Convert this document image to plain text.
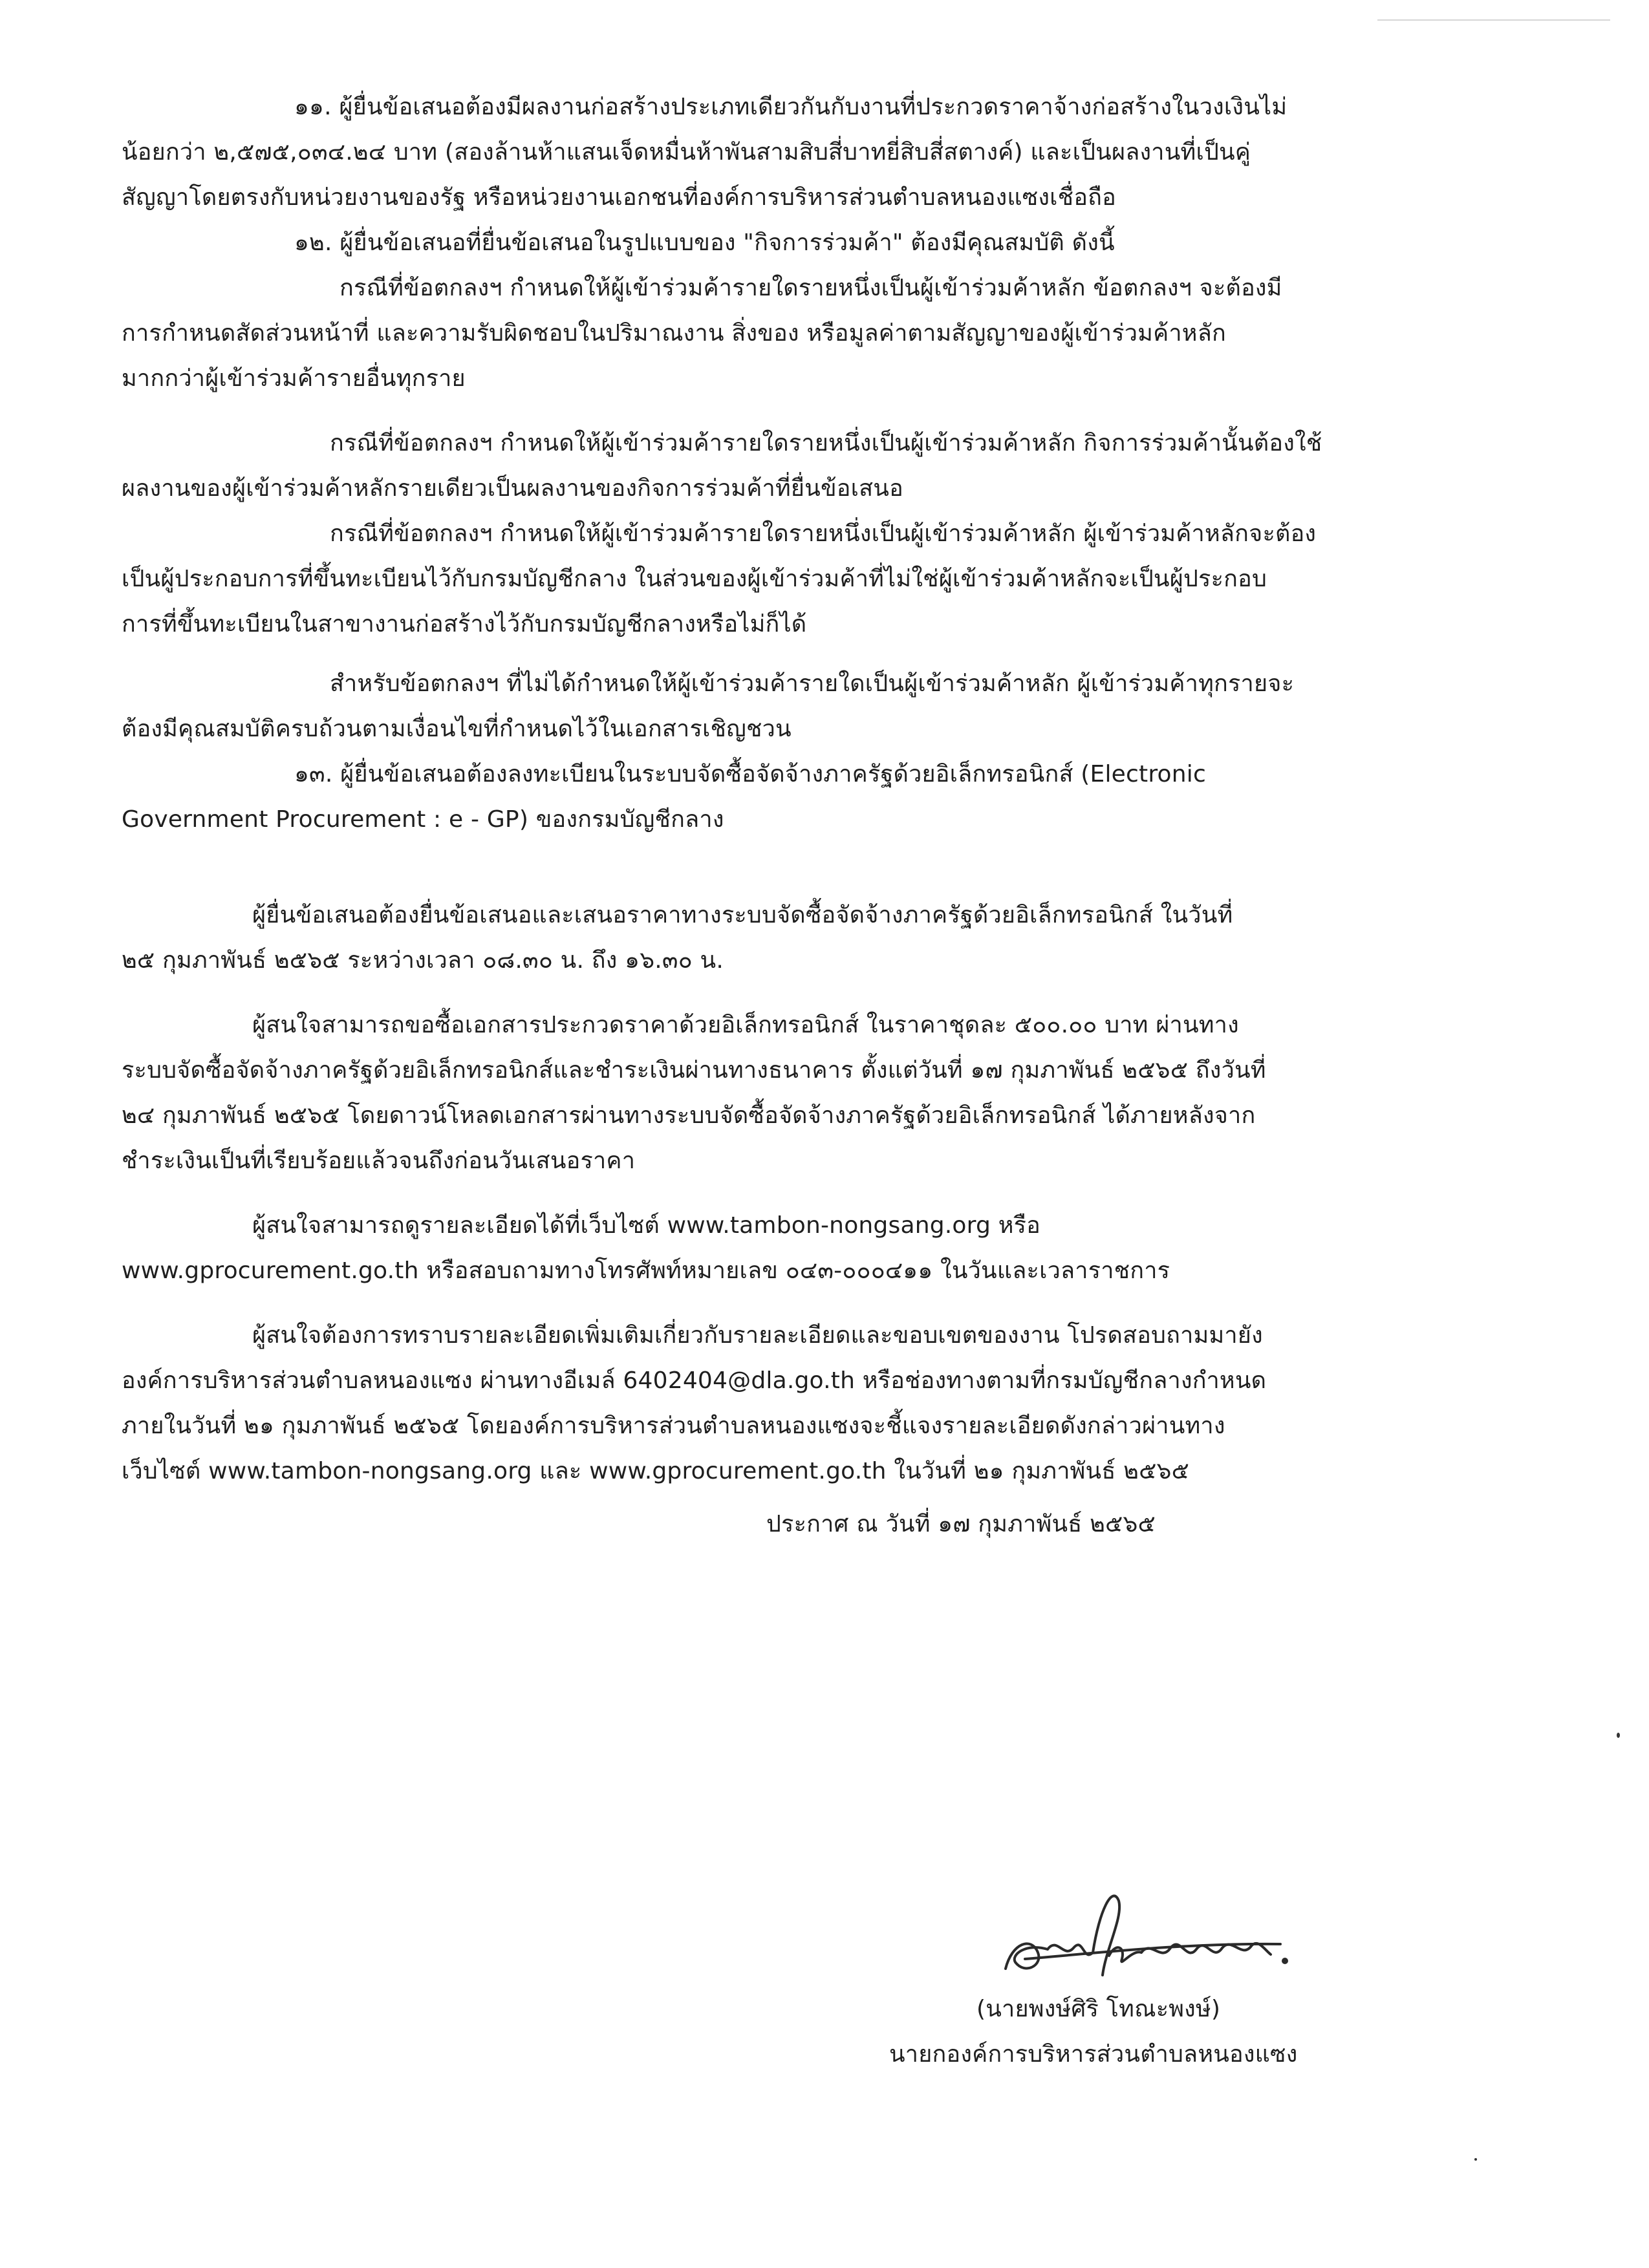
๑๑. ผู้ยื่นข้อเสนอต้องมีผลงานก่อสร้างประเภทเดียวกันกับงานที่ประกวดราคาจ้างก่อสร้างในวงเงินไม่
น้อยกว่า ๒,๕๗๕,๐๓๔.๒๔ บาท (สองล้านห้าแสนเจ็ดหมื่นห้าพันสามสิบสี่บาทยี่สิบสี่สตางค์) และเป็นผลงานที่เป็นคู่
สัญญาโดยตรงกับหน่วยงานของรัฐ หรือหน่วยงานเอกชนที่องค์การบริหารส่วนตำบลหนองแซงเชื่อถือ
๑๒. ผู้ยื่นข้อเสนอที่ยื่นข้อเสนอในรูปแบบของ "กิจการร่วมค้า" ต้องมีคุณสมบัติ ดังนี้
กรณีที่ข้อตกลงฯ กำหนดให้ผู้เข้าร่วมค้ารายใดรายหนึ่งเป็นผู้เข้าร่วมค้าหลัก ข้อตกลงฯ จะต้องมี
การกำหนดสัดส่วนหน้าที่ และความรับผิดชอบในปริมาณงาน สิ่งของ หรือมูลค่าตามสัญญาของผู้เข้าร่วมค้าหลัก
มากกว่าผู้เข้าร่วมค้ารายอื่นทุกราย
กรณีที่ข้อตกลงฯ กำหนดให้ผู้เข้าร่วมค้ารายใดรายหนึ่งเป็นผู้เข้าร่วมค้าหลัก กิจการร่วมค้านั้นต้องใช้
ผลงานของผู้เข้าร่วมค้าหลักรายเดียวเป็นผลงานของกิจการร่วมค้าที่ยื่นข้อเสนอ
กรณีที่ข้อตกลงฯ กำหนดให้ผู้เข้าร่วมค้ารายใดรายหนึ่งเป็นผู้เข้าร่วมค้าหลัก ผู้เข้าร่วมค้าหลักจะต้อง
เป็นผู้ประกอบการที่ขึ้นทะเบียนไว้กับกรมบัญชีกลาง ในส่วนของผู้เข้าร่วมค้าที่ไม่ใช่ผู้เข้าร่วมค้าหลักจะเป็นผู้ประกอบ
การที่ขึ้นทะเบียนในสาขางานก่อสร้างไว้กับกรมบัญชีกลางหรือไม่ก็ได้
สำหรับข้อตกลงฯ ที่ไม่ได้กำหนดให้ผู้เข้าร่วมค้ารายใดเป็นผู้เข้าร่วมค้าหลัก ผู้เข้าร่วมค้าทุกรายจะ
ต้องมีคุณสมบัติครบถ้วนตามเงื่อนไขที่กำหนดไว้ในเอกสารเชิญชวน
๑๓. ผู้ยื่นข้อเสนอต้องลงทะเบียนในระบบจัดซื้อจัดจ้างภาครัฐด้วยอิเล็กทรอนิกส์ (Electronic
Government Procurement : e - GP) ของกรมบัญชีกลาง
ผู้ยื่นข้อเสนอต้องยื่นข้อเสนอและเสนอราคาทางระบบจัดซื้อจัดจ้างภาครัฐด้วยอิเล็กทรอนิกส์ ในวันที่
๒๕ กุมภาพันธ์ ๒๕๖๕ ระหว่างเวลา ๐๘.๓๐ น. ถึง ๑๖.๓๐ น.
ผู้สนใจสามารถขอซื้อเอกสารประกวดราคาด้วยอิเล็กทรอนิกส์ ในราคาชุดละ ๕๐๐.๐๐ บาท ผ่านทาง
ระบบจัดซื้อจัดจ้างภาครัฐด้วยอิเล็กทรอนิกส์และชำระเงินผ่านทางธนาคาร ตั้งแต่วันที่ ๑๗ กุมภาพันธ์ ๒๕๖๕ ถึงวันที่
๒๔ กุมภาพันธ์ ๒๕๖๕ โดยดาวน์โหลดเอกสารผ่านทางระบบจัดซื้อจัดจ้างภาครัฐด้วยอิเล็กทรอนิกส์ ได้ภายหลังจาก
ชำระเงินเป็นที่เรียบร้อยแล้วจนถึงก่อนวันเสนอราคา
ผู้สนใจสามารถดูรายละเอียดได้ที่เว็บไซต์ www.tambon-nongsang.org หรือ
www.gprocurement.go.th หรือสอบถามทางโทรศัพท์หมายเลข ๐๔๓-๐๐๐๔๑๑ ในวันและเวลาราชการ
ผู้สนใจต้องการทราบรายละเอียดเพิ่มเติมเกี่ยวกับรายละเอียดและขอบเขตของงาน โปรดสอบถามมายัง
องค์การบริหารส่วนตำบลหนองแซง ผ่านทางอีเมล์ 6402404@dla.go.th หรือช่องทางตามที่กรมบัญชีกลางกำหนด
ภายในวันที่ ๒๑ กุมภาพันธ์ ๒๕๖๕ โดยองค์การบริหารส่วนตำบลหนองแซงจะชี้แจงรายละเอียดดังกล่าวผ่านทาง
เว็บไซต์ www.tambon-nongsang.org และ www.gprocurement.go.th ในวันที่ ๒๑ กุมภาพันธ์ ๒๕๖๕
ประกาศ ณ วันที่ ๑๗ กุมภาพันธ์ ๒๕๖๕
(นายพงษ์ศิริ โทณะพงษ์)
นายกองค์การบริหารส่วนตำบลหนองแซง
